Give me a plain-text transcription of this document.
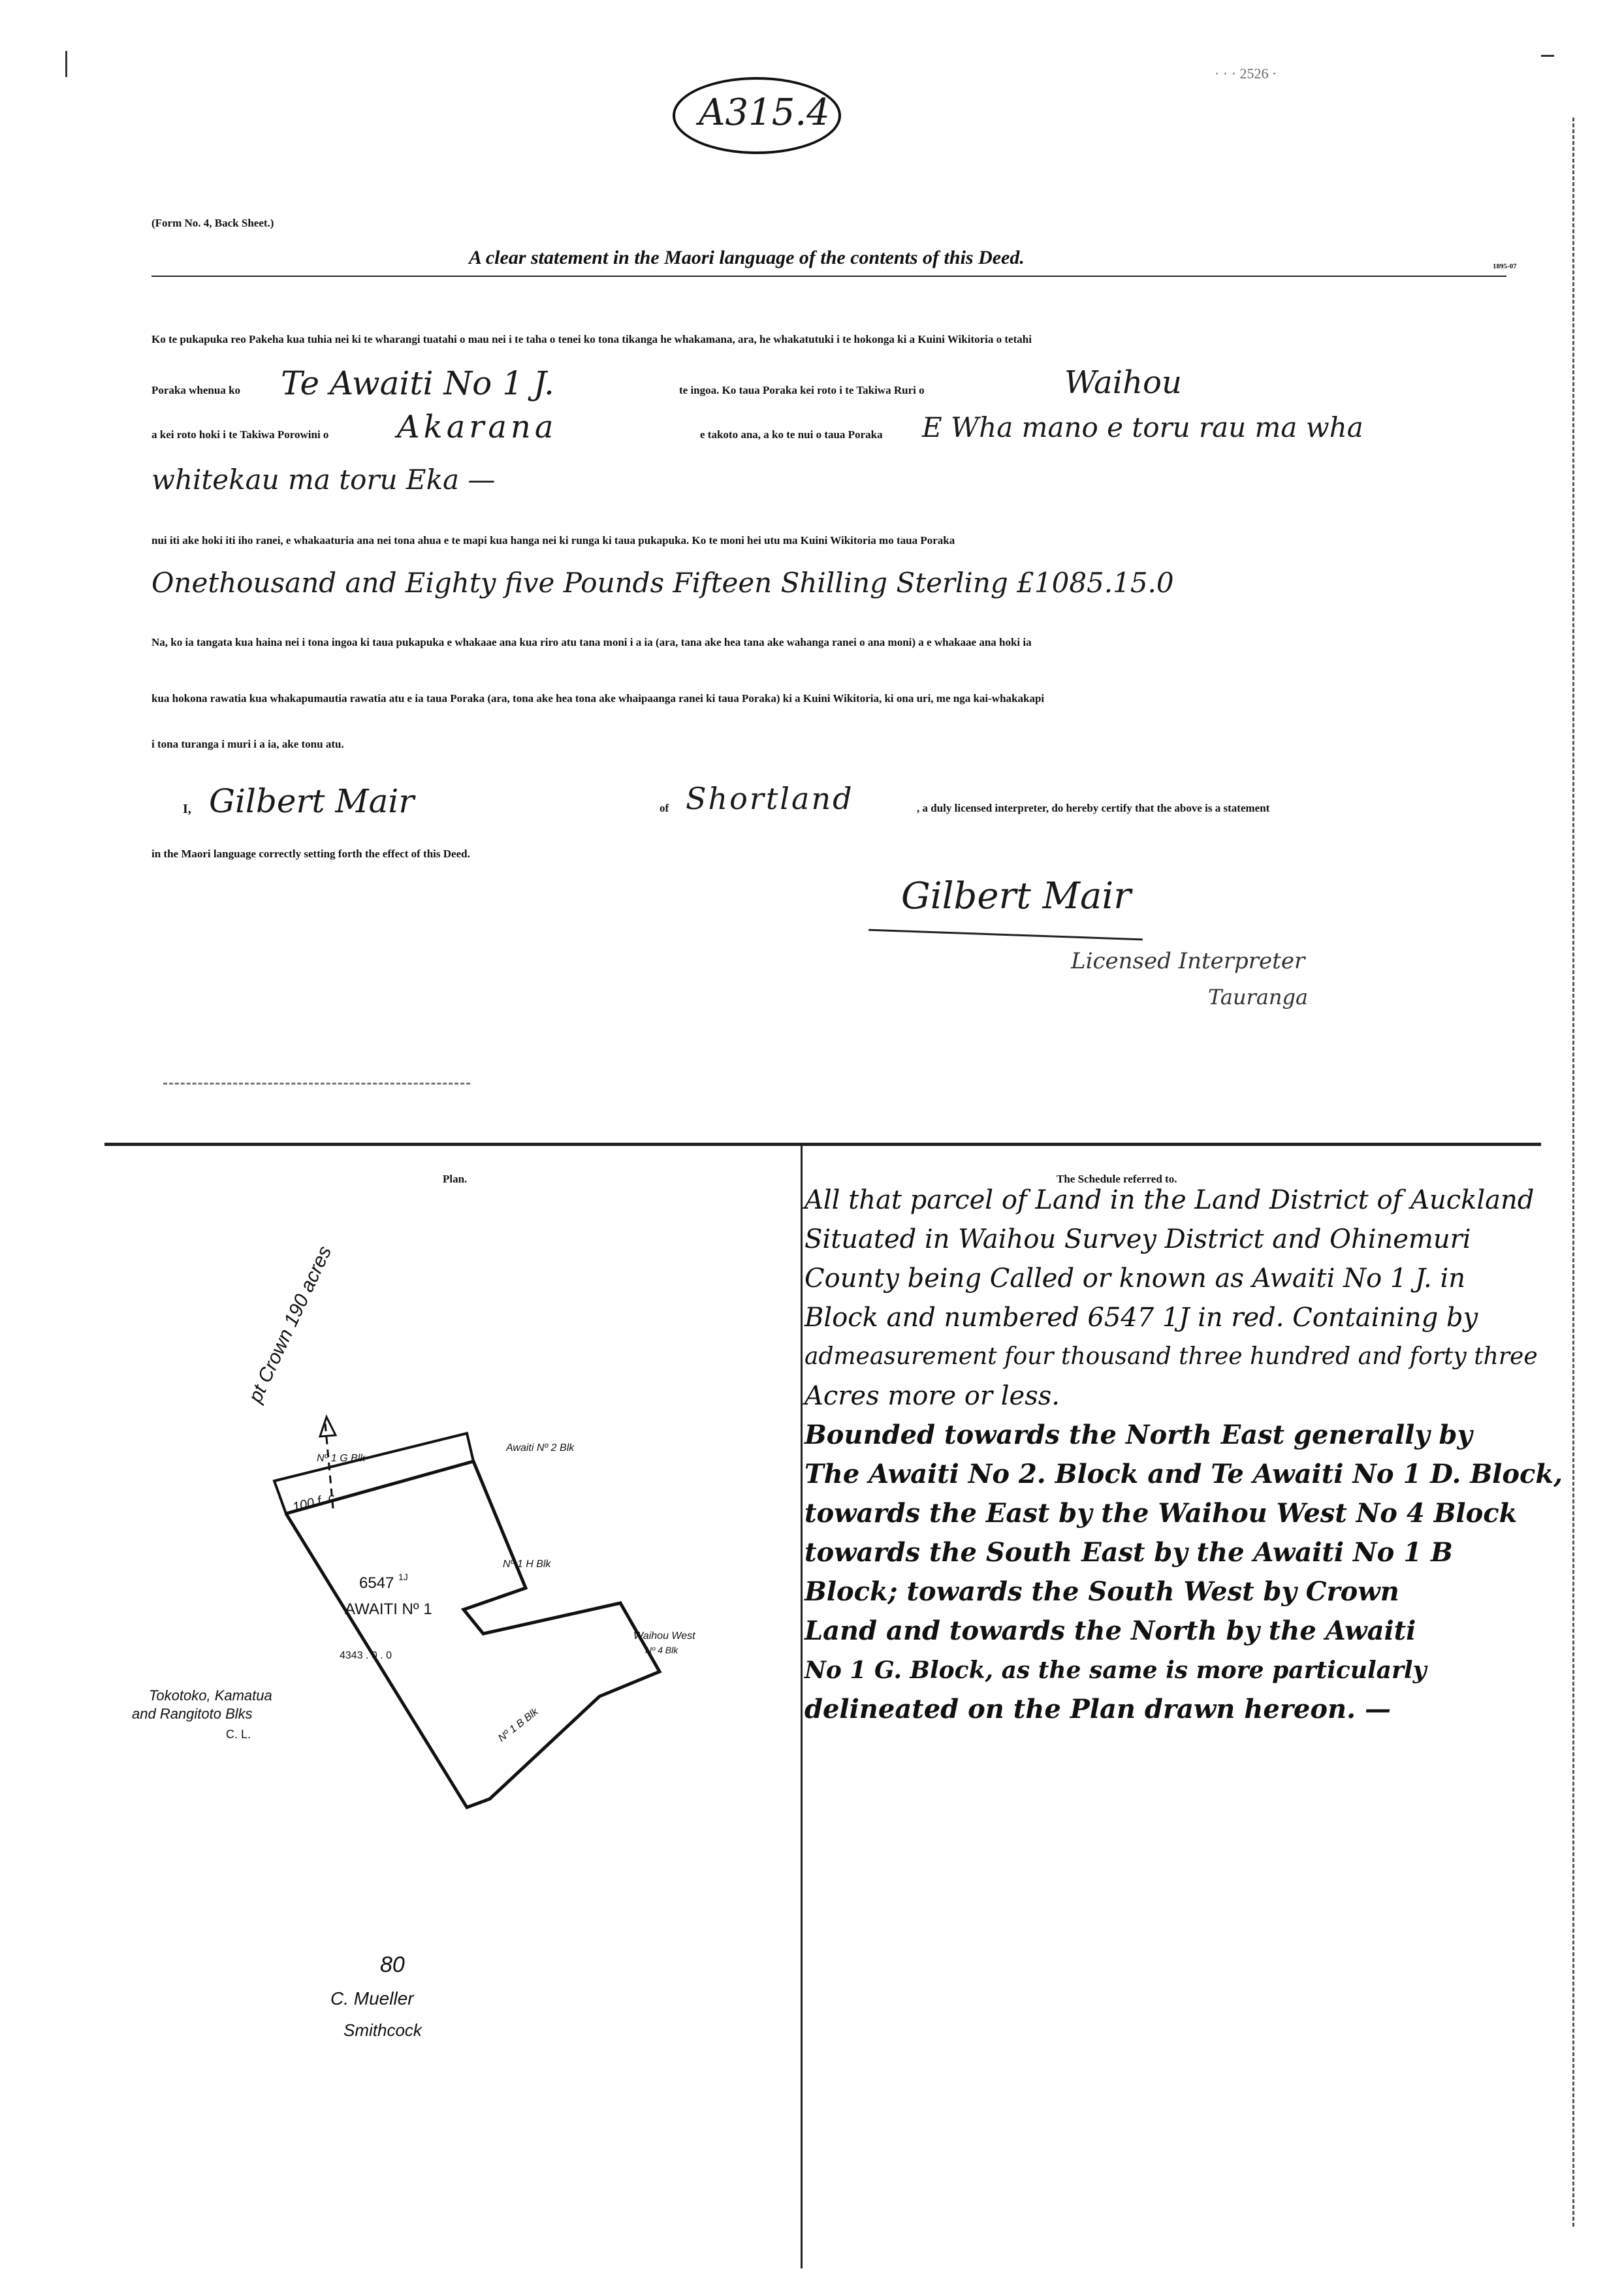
A315.4
· · · 2526 ·
(Form No. 4, Back Sheet.)
A clear statement in the Maori language of the contents of this Deed.	1895-07
Ko te pukapuka reo Pakeha kua tuhia nei ki te wharangi tuatahi o mau nei i te taha o tenei ko tona tikanga he whakamana, ara, he whakatutuki i te hokonga ki a Kuini Wikitoria o tetahi
Poraka whenua ko Te Awaiti No 1 J.	te ingoa. Ko taua Poraka kei roto i te Takiwa Ruri o	Waihou
a kei roto hoki i te Takiwa Porowini o Akarana	e takoto ana, a ko te nui o taua Poraka E Wha mano e toru rau ma wha
whitekau ma toru Eka —
nui iti ake hoki iti iho ranei, e whakaaturia ana nei tona ahua e te mapi kua hanga nei ki runga ki taua pukapuka. Ko te moni hei utu ma Kuini Wikitoria mo taua Poraka
Onethousand and Eighty five Pounds Fifteen Shilling Sterling £1085.15.0
Na, ko ia tangata kua haina nei i tona ingoa ki taua pukapuka e whakaae ana kua riro atu tana moni i a ia (ara, tana ake hea tana ake wahanga ranei o ana moni) a e whakaae ana hoki ia
kua hokona rawatia kua whakapumautia rawatia atu e ia taua Poraka (ara, tona ake hea tona ake whaipaanga ranei ki taua Poraka) ki a Kuini Wikitoria, ki ona uri, me nga kai-whakakapi
i tona turanga i muri i a ia, ake tonu atu.
I, Gilbert Mair	of Shortland	, a duly licensed interpreter, do hereby certify that the above is a statement
in the Maori language correctly setting forth the effect of this Deed.
Gilbert Mair
Licensed Interpreter
Tauranga
Plan.
pt Crown 190 acres
Nº 1 G Blk
Awaiti Nº 2 Blk
100 f. c.
Nº 1 H Blk
6547 1J
AWAITI Nº 1
4343 . 0 . 0
Waihou West
Nº 4 Blk
Nº 1 B Blk
Tokotoko, Kamatua
and Rangitoto Blks
C. L.
80
C. Mueller
Smithcock
The Schedule referred to.
All that parcel of Land in the Land District of Auckland
Situated in Waihou Survey District and Ohinemuri
County being Called or known as Awaiti No 1 J. in
Block and numbered 6547 1J in red. Containing by
admeasurement four thousand three hundred and forty three
Acres more or less.
Bounded towards the North East generally by
The Awaiti No 2. Block and Te Awaiti No 1 D. Block,
towards the East by the Waihou West No 4 Block
towards the South East by the Awaiti No 1 B
Block; towards the South West by Crown
Land and towards the North by the Awaiti
No 1 G. Block, as the same is more particularly
delineated on the Plan drawn hereon. —
